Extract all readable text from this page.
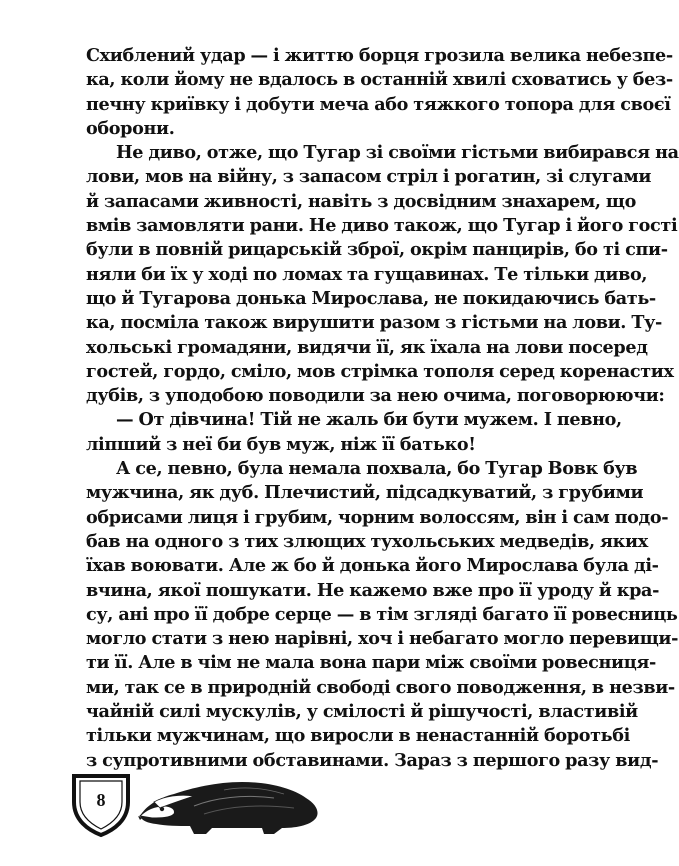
Схиблений удар — і життю борця грозила велика небезпе-
ка, коли йому не вдалось в останній хвилі сховатись у без-
печну криївку і добути меча або тяжкого топора для своєї
оборони.

Не диво, отже, що Тугар зі своїми гістьми вибирався на
лови, мов на війну, з запасом стріл і рогатин, зі слугами
й запасами живності, навіть з досвідним знахарем, що
вмів замовляти рани. Не диво також, що Тугар і його гості
були в повній рицарській зброї, окрім панцирів, бо ті спи-
няли би їх у ході по ломах та гущавинах. Те тільки диво,
що й Тугарова донька Мирослава, не покидаючись бать-
ка, посміла також вирушити разом з гістьми на лови. Ту-
хольські громадяни, видячи її, як їхала на лови посеред
гостей, гордо, сміло, мов стрімка тополя серед коренастих
дубів, з уподобою поводили за нею очима, поговорюючи:

— От дівчина! Тій не жаль би бути мужем. І певно,
ліпший з неї би був муж, ніж її батько!

А се, певно, була немала похвала, бо Тугар Вовк був
мужчина, як дуб. Плечистий, підсадкуватий, з грубими
обрисами лиця і грубим, чорним волоссям, він і сам подо-
бав на одного з тих злющих тухольських медведів, яких
їхав воювати. Але ж бо й донька його Мирослава була ді-
вчина, якої пошукати. Не кажемо вже про її уроду й кра-
су, ані про її добре серце — в тім зглядi багато її ровесниць
могло стати з нею нарівні, хоч і небагато могло перевищи-
ти її. Але в чім не мала вона пари між своїми ровесниця-
ми, так се в природній свободі свого поводження, в незви-
чайній силі мускулів, у смілості й рішучості, властивій
тільки мужчинам, що виросли в ненастанній боротьбі
з супротивними обставинами. Зараз з першого разу вид-

8
